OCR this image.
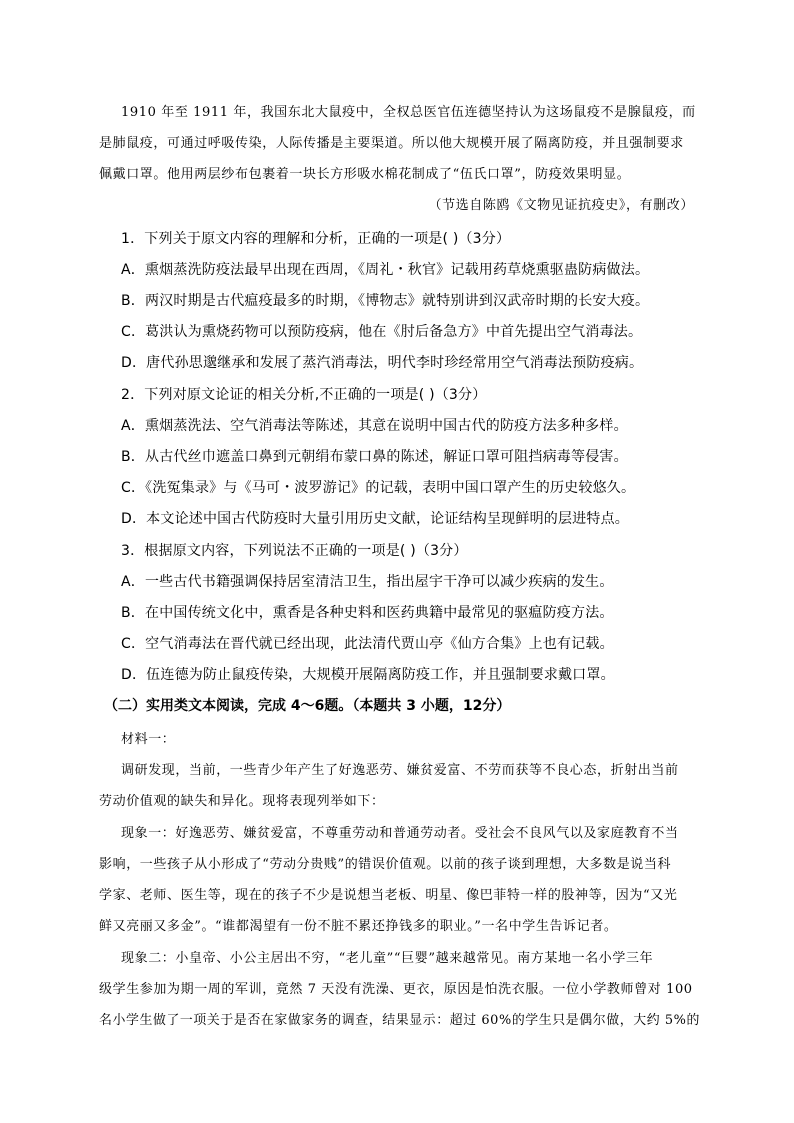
1910 年至 1911 年，我国东北大鼠疫中，全权总医官伍连德坚持认为这场鼠疫不是腺鼠疫，而
是肺鼠疫，可通过呼吸传染，人际传播是主要渠道。所以他大规模开展了隔离防疫，并且强制要求
佩戴口罩。他用两层纱布包裹着一块长方形吸水棉花制成了“伍氏口罩”，防疫效果明显。
（节选自陈鸥《文物见证抗疫史》，有删改）
1．下列关于原文内容的理解和分析，正确的一项是( )（3分）
A．熏烟蒸洗防疫法最早出现在西周，《周礼・秋官》记载用药草烧熏驱蛊防病做法。
B．两汉时期是古代瘟疫最多的时期，《博物志》就特别讲到汉武帝时期的长安大疫。
C．葛洪认为熏烧药物可以预防疫病，他在《肘后备急方》中首先提出空气消毒法。
D．唐代孙思邈继承和发展了蒸汽消毒法，明代李时珍经常用空气消毒法预防疫病。
2．下列对原文论证的相关分析,不正确的一项是( )（3分）
A．熏烟蒸洗法、空气消毒法等陈述，其意在说明中国古代的防疫方法多种多样。
B．从古代丝巾遮盖口鼻到元朝绢布蒙口鼻的陈述，解证口罩可阻挡病毒等侵害。
C．《洗冤集录》与《马可・波罗游记》的记载，表明中国口罩产生的历史较悠久。
D．本文论述中国古代防疫时大量引用历史文献，论证结构呈现鲜明的层进特点。
3．根据原文内容，下列说法不正确的一项是( )（3分）
A．一些古代书籍强调保持居室清洁卫生，指出屋宇干净可以减少疾病的发生。
B．在中国传统文化中，熏香是各种史料和医药典籍中最常见的驱瘟防疫方法。
C．空气消毒法在晋代就已经出现，此法清代贾山亭《仙方合集》上也有记载。
D．伍连德为防止鼠疫传染，大规模开展隔离防疫工作，并且强制要求戴口罩。
（二）实用类文本阅读，完成 4～6题。（本题共 3 小题，12分）
材料一：
调研发现，当前，一些青少年产生了好逸恶劳、嫌贫爱富、不劳而获等不良心态，折射出当前
劳动价值观的缺失和异化。现将表现列举如下：
现象一：好逸恶劳、嫌贫爱富，不尊重劳动和普通劳动者。受社会不良风气以及家庭教育不当
影响，一些孩子从小形成了“劳动分贵贱”的错误价值观。以前的孩子谈到理想，大多数是说当科
学家、老师、医生等，现在的孩子不少是说想当老板、明星、像巴菲特一样的股神等，因为“又光
鲜又亮丽又多金”。“谁都渴望有一份不脏不累还挣钱多的职业。”一名中学生告诉记者。
现象二：小皇帝、小公主居出不穷，“老儿童”“巨婴”越来越常见。南方某地一名小学三年
级学生参加为期一周的军训，竟然 7 天没有洗澡、更衣，原因是怕洗衣服。一位小学教师曾对 100
名小学生做了一项关于是否在家做家务的调查，结果显示：超过 60%的学生只是偶尔做，大约 5%的
